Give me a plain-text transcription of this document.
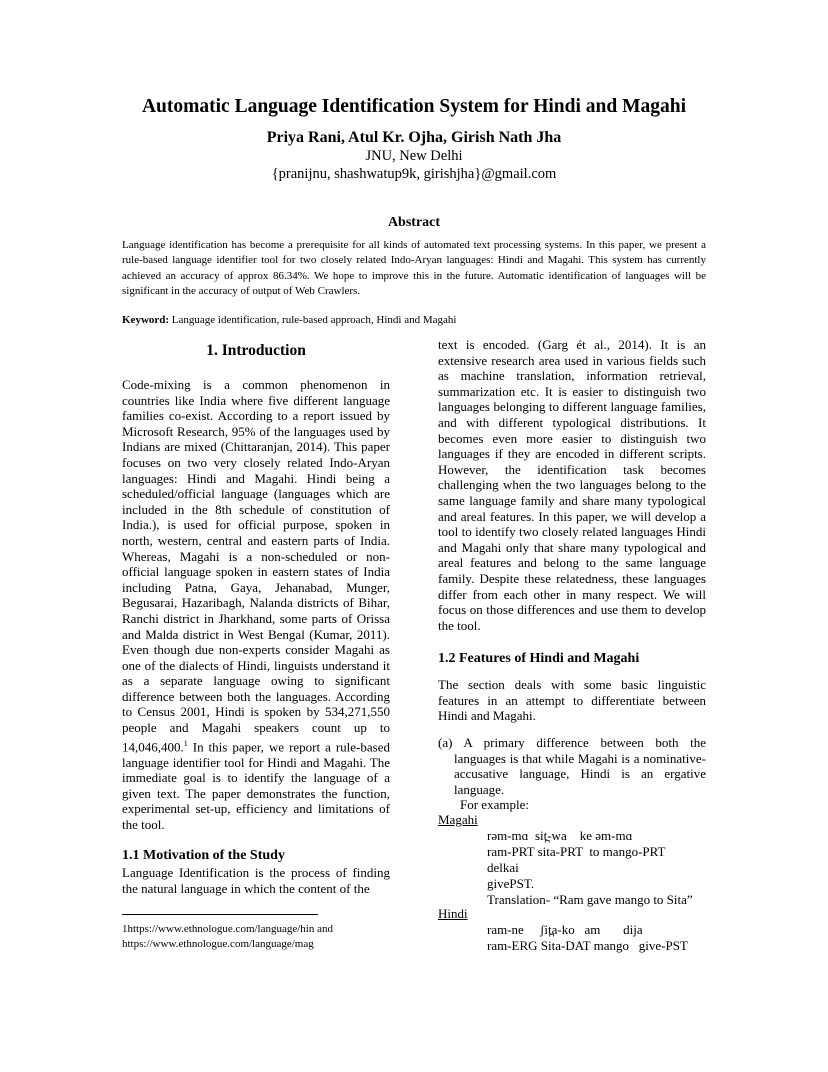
Automatic Language Identification System for Hindi and Magahi
Priya Rani, Atul Kr. Ojha, Girish Nath Jha
JNU, New Delhi
{pranijnu, shashwatup9k, girishjha}@gmail.com
Abstract
Language identification has become a prerequisite for all kinds of automated text processing systems. In this paper, we present a rule-based language identifier tool for two closely related Indo-Aryan languages: Hindi and Magahi. This system has currently achieved an accuracy of approx 86.34%. We hope to improve this in the future. Automatic identification of languages will be significant in the accuracy of output of Web Crawlers.
Keyword: Language identification, rule-based approach, Hindi and Magahi
1. Introduction
Code-mixing is a common phenomenon in countries like India where five different language families co-exist. According to a report issued by Microsoft Research, 95% of the languages used by Indians are mixed (Chittaranjan, 2014). This paper focuses on two very closely related Indo-Aryan languages: Hindi and Magahi. Hindi being a scheduled/official language (languages which are included in the 8th schedule of constitution of India.), is used for official purpose, spoken in north, western, central and eastern parts of India. Whereas, Magahi is a non-scheduled or non-official language spoken in eastern states of India including Patna, Gaya, Jehanabad, Munger, Begusarai, Hazaribagh, Nalanda districts of Bihar, Ranchi district in Jharkhand, some parts of Orissa and Malda district in West Bengal (Kumar, 2011). Even though due non-experts consider Magahi as one of the dialects of Hindi, linguists understand it as a separate language owing to significant difference between both the languages. According to Census 2001, Hindi is spoken by 534,271,550 people and Magahi speakers count up to 14,046,400.$^1$ In this paper, we report a rule-based language identifier tool for Hindi and Magahi. The immediate goal is to identify the language of a given text. The paper demonstrates the function, experimental set-up, efficiency and limitations of the tool.
1.1 Motivation of the Study
Language Identification is the process of finding the natural language in which the content of the
1https://www.ethnologue.com/language/hin and
https://www.ethnologue.com/language/mag
text is encoded. (Garg ét al., 2014). It is an extensive research area used in various fields such as machine translation, information retrieval, summarization etc. It is easier to distinguish two languages belonging to different language families, and with different typological distributions. It becomes even more easier to distinguish two languages if they are encoded in different scripts. However, the identification task becomes challenging when the two languages belong to the same language family and share many typological and areal features. In this paper, we will develop a tool to identify two closely related languages Hindi and Magahi only that share many typological and areal features and belong to the same language family. Despite these relatedness, these languages differ from each other in many respect. We will focus on those differences and use them to develop the tool.
1.2 Features of Hindi and Magahi
The section deals with some basic linguistic features in an attempt to differentiate between Hindi and Magahi.
(a) A primary difference between both the languages is that while Magahi is a nominative-accusative language, Hindi is an ergative language.
For example:
Magahi
rəm-mɑ  sit̪-wa    ke əm-mɑ
ram-PRT sita-PRT  to mango-PRT
delkai
givePST.
Translation- “Ram gave mango to Sita”
Hindi
ram-ne     ʃit̪a-ko   am       dija
ram-ERG Sita-DAT mango   give-PST
